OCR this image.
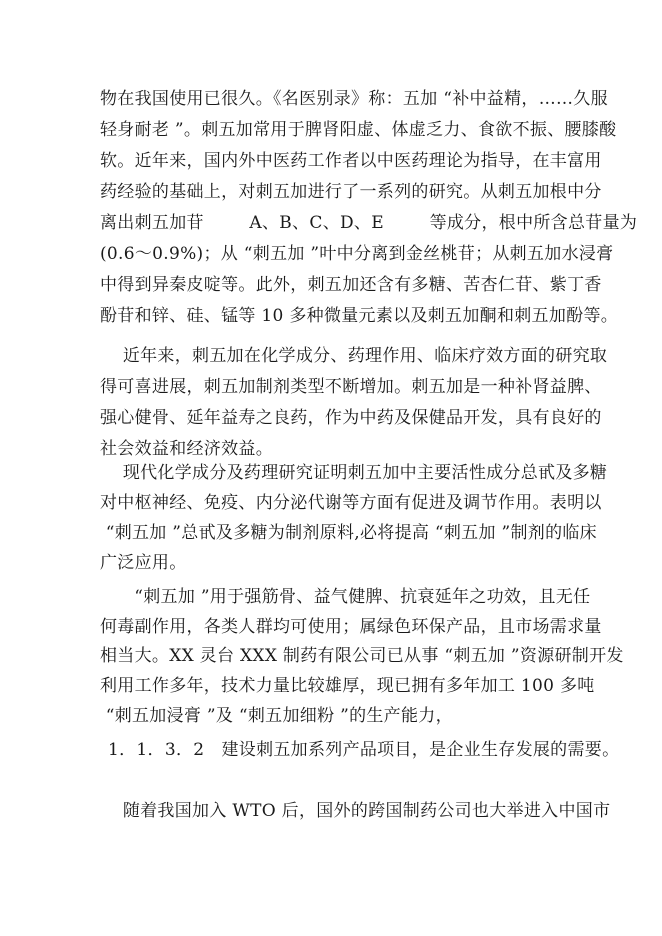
物在我国使用已很久。《名医别录》称：五加 “补中益精，……久服
轻身耐老 ”。刺五加常用于脾肾阳虚、体虚乏力、食欲不振、腰膝酸
软。近年来，国内外中医药工作者以中医药理论为指导，在丰富用
药经验的基础上，对刺五加进行了一系列的研究。从刺五加根中分
离出刺五加苷        A、B、C、D、E        等成分，根中所含总苷量为
(0.6～0.9%)；从 “刺五加 ”叶中分离到金丝桃苷；从刺五加水浸膏
中得到异秦皮啶等。此外，刺五加还含有多糖、苦杏仁苷、紫丁香
酚苷和锌、硅、锰等 10 多种微量元素以及刺五加酮和刺五加酚等。
近年来，刺五加在化学成分、药理作用、临床疗效方面的研究取
得可喜进展，刺五加制剂类型不断增加。刺五加是一种补肾益脾、
强心健骨、延年益寿之良药，作为中药及保健品开发，具有良好的
社会效益和经济效益。
现代化学成分及药理研究证明刺五加中主要活性成分总甙及多糖
对中枢神经、免疫、内分泌代谢等方面有促进及调节作用。表明以
“刺五加 ”总甙及多糖为制剂原料,必将提高 “刺五加 ”制剂的临床
广泛应用。
“刺五加 ”用于强筋骨、益气健脾、抗衰延年之功效，且无任
何毒副作用，各类人群均可使用；属绿色环保产品，且市场需求量
相当大。XX 灵台 XXX 制药有限公司已从事 “刺五加 ”资源研制开发
利用工作多年，技术力量比较雄厚，现已拥有多年加工 100 多吨
“刺五加浸膏 ”及 “刺五加细粉 ”的生产能力，
1．1．3．2   建设刺五加系列产品项目，是企业生存发展的需要。
随着我国加入 WTO 后，国外的跨国制药公司也大举进入中国市
